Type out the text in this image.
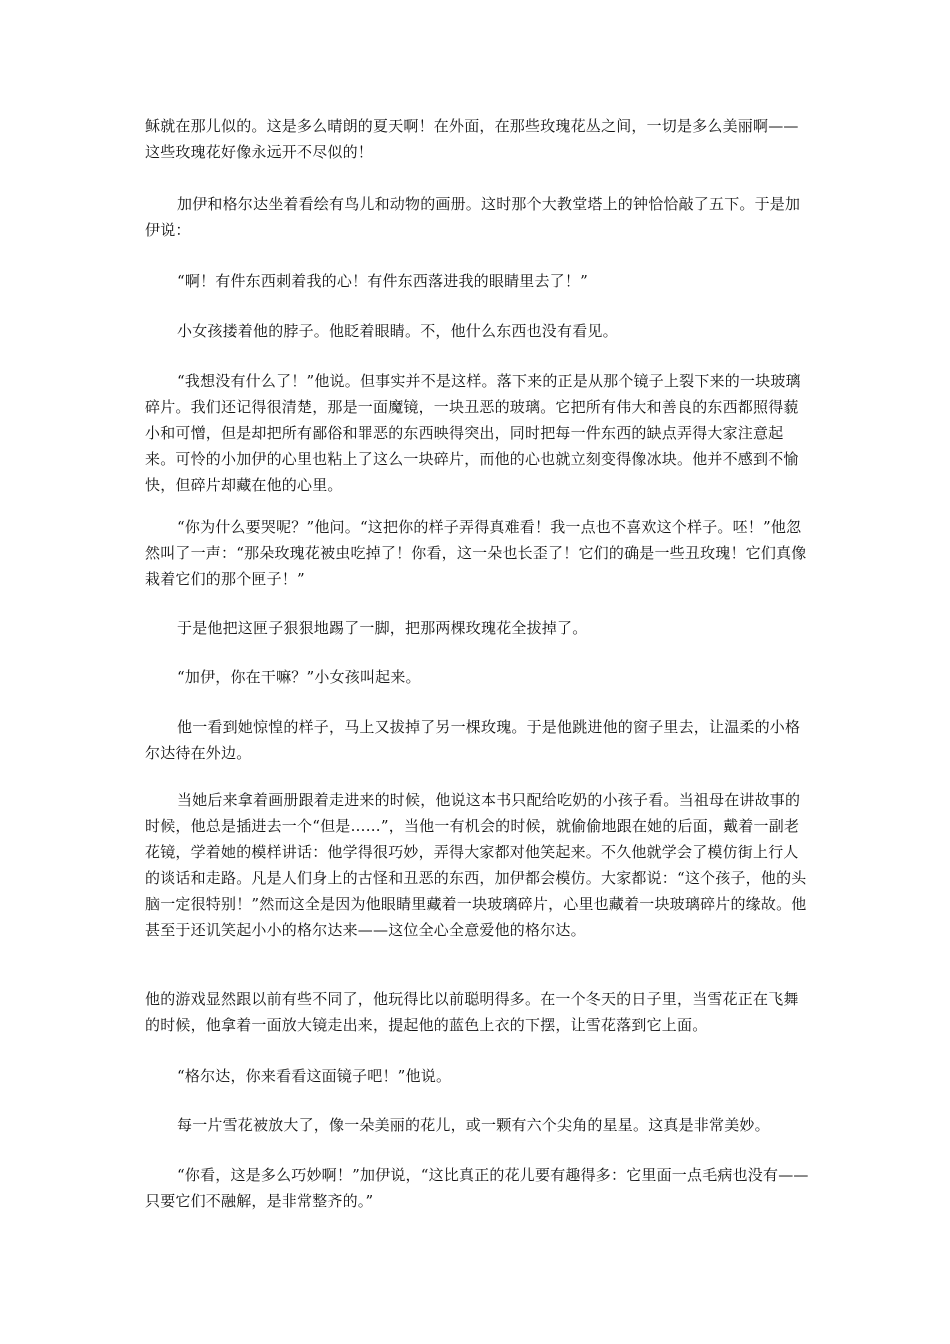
稣就在那儿似的。这是多么晴朗的夏天啊！在外面，在那些玫瑰花丛之间，一切是多么美丽啊——这些玫瑰花好像永远开不尽似的！

加伊和格尔达坐着看绘有鸟儿和动物的画册。这时那个大教堂塔上的钟恰恰敲了五下。于是加伊说：

“啊！有件东西刺着我的心！有件东西落进我的眼睛里去了！”

小女孩搂着他的脖子。他眨着眼睛。不，他什么东西也没有看见。

“我想没有什么了！”他说。但事实并不是这样。落下来的正是从那个镜子上裂下来的一块玻璃碎片。我们还记得很清楚，那是一面魔镜，一块丑恶的玻璃。它把所有伟大和善良的东西都照得藐小和可憎，但是却把所有鄙俗和罪恶的东西映得突出，同时把每一件东西的缺点弄得大家注意起来。可怜的小加伊的心里也粘上了这么一块碎片，而他的心也就立刻变得像冰块。他并不感到不愉快，但碎片却藏在他的心里。

“你为什么要哭呢？”他问。“这把你的样子弄得真难看！我一点也不喜欢这个样子。呸！”他忽然叫了一声：“那朵玫瑰花被虫吃掉了！你看，这一朵也长歪了！它们的确是一些丑玫瑰！它们真像栽着它们的那个匣子！”

于是他把这匣子狠狠地踢了一脚，把那两棵玫瑰花全拔掉了。

“加伊，你在干嘛？”小女孩叫起来。

他一看到她惊惶的样子，马上又拔掉了另一棵玫瑰。于是他跳进他的窗子里去，让温柔的小格尔达待在外边。

当她后来拿着画册跟着走进来的时候，他说这本书只配给吃奶的小孩子看。当祖母在讲故事的时候，他总是插进去一个“但是……”，当他一有机会的时候，就偷偷地跟在她的后面，戴着一副老花镜，学着她的模样讲话：他学得很巧妙，弄得大家都对他笑起来。不久他就学会了模仿街上行人的谈话和走路。凡是人们身上的古怪和丑恶的东西，加伊都会模仿。大家都说：“这个孩子，他的头脑一定很特别！”然而这全是因为他眼睛里藏着一块玻璃碎片，心里也藏着一块玻璃碎片的缘故。他甚至于还讥笑起小小的格尔达来——这位全心全意爱他的格尔达。

他的游戏显然跟以前有些不同了，他玩得比以前聪明得多。在一个冬天的日子里，当雪花正在飞舞的时候，他拿着一面放大镜走出来，提起他的蓝色上衣的下摆，让雪花落到它上面。

“格尔达，你来看看这面镜子吧！”他说。

每一片雪花被放大了，像一朵美丽的花儿，或一颗有六个尖角的星星。这真是非常美妙。

“你看，这是多么巧妙啊！”加伊说，“这比真正的花儿要有趣得多：它里面一点毛病也没有——只要它们不融解，是非常整齐的。”
